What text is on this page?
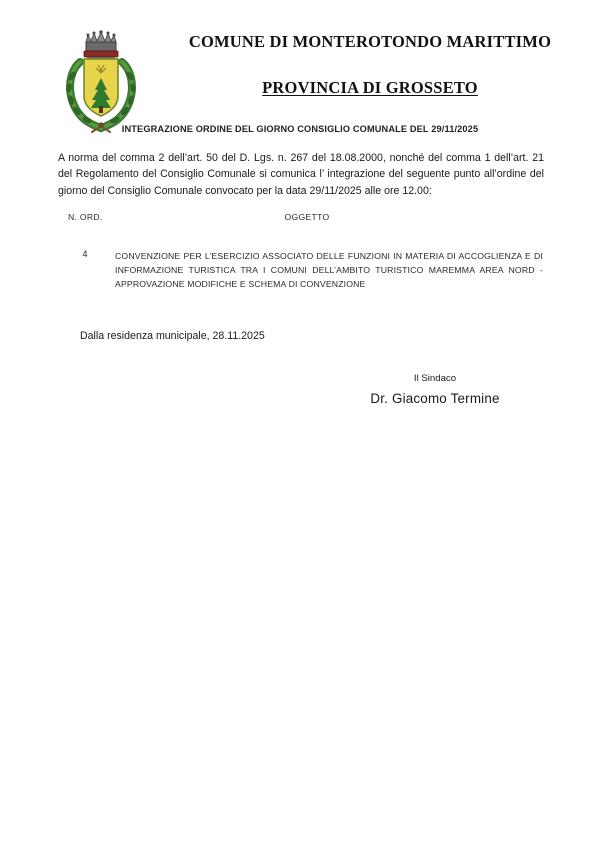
COMUNE DI MONTEROTONDO MARITTIMO
PROVINCIA DI GROSSETO
INTEGRAZIONE ORDINE DEL GIORNO CONSIGLIO COMUNALE DEL 29/11/2025
A norma del comma 2 dell’art. 50 del D. Lgs. n. 267 del 18.08.2000, nonché del comma 1 dell’art. 21 del Regolamento del Consiglio Comunale si comunica l’ integrazione del seguente punto all’ordine del giorno del Consiglio Comunale convocato per la data 29/11/2025 alle ore 12.00:
N. ORD.	OGGETTO
4	CONVENZIONE PER L’ESERCIZIO ASSOCIATO DELLE FUNZIONI IN MATERIA DI ACCOGLIENZA E DI INFORMAZIONE TURISTICA TRA I COMUNI DELL’AMBITO TURISTICO MAREMMA AREA NORD - APPROVAZIONE MODIFICHE E SCHEMA DI CONVENZIONE
Dalla residenza municipale, 28.11.2025
Il Sindaco
Dr. Giacomo Termine
